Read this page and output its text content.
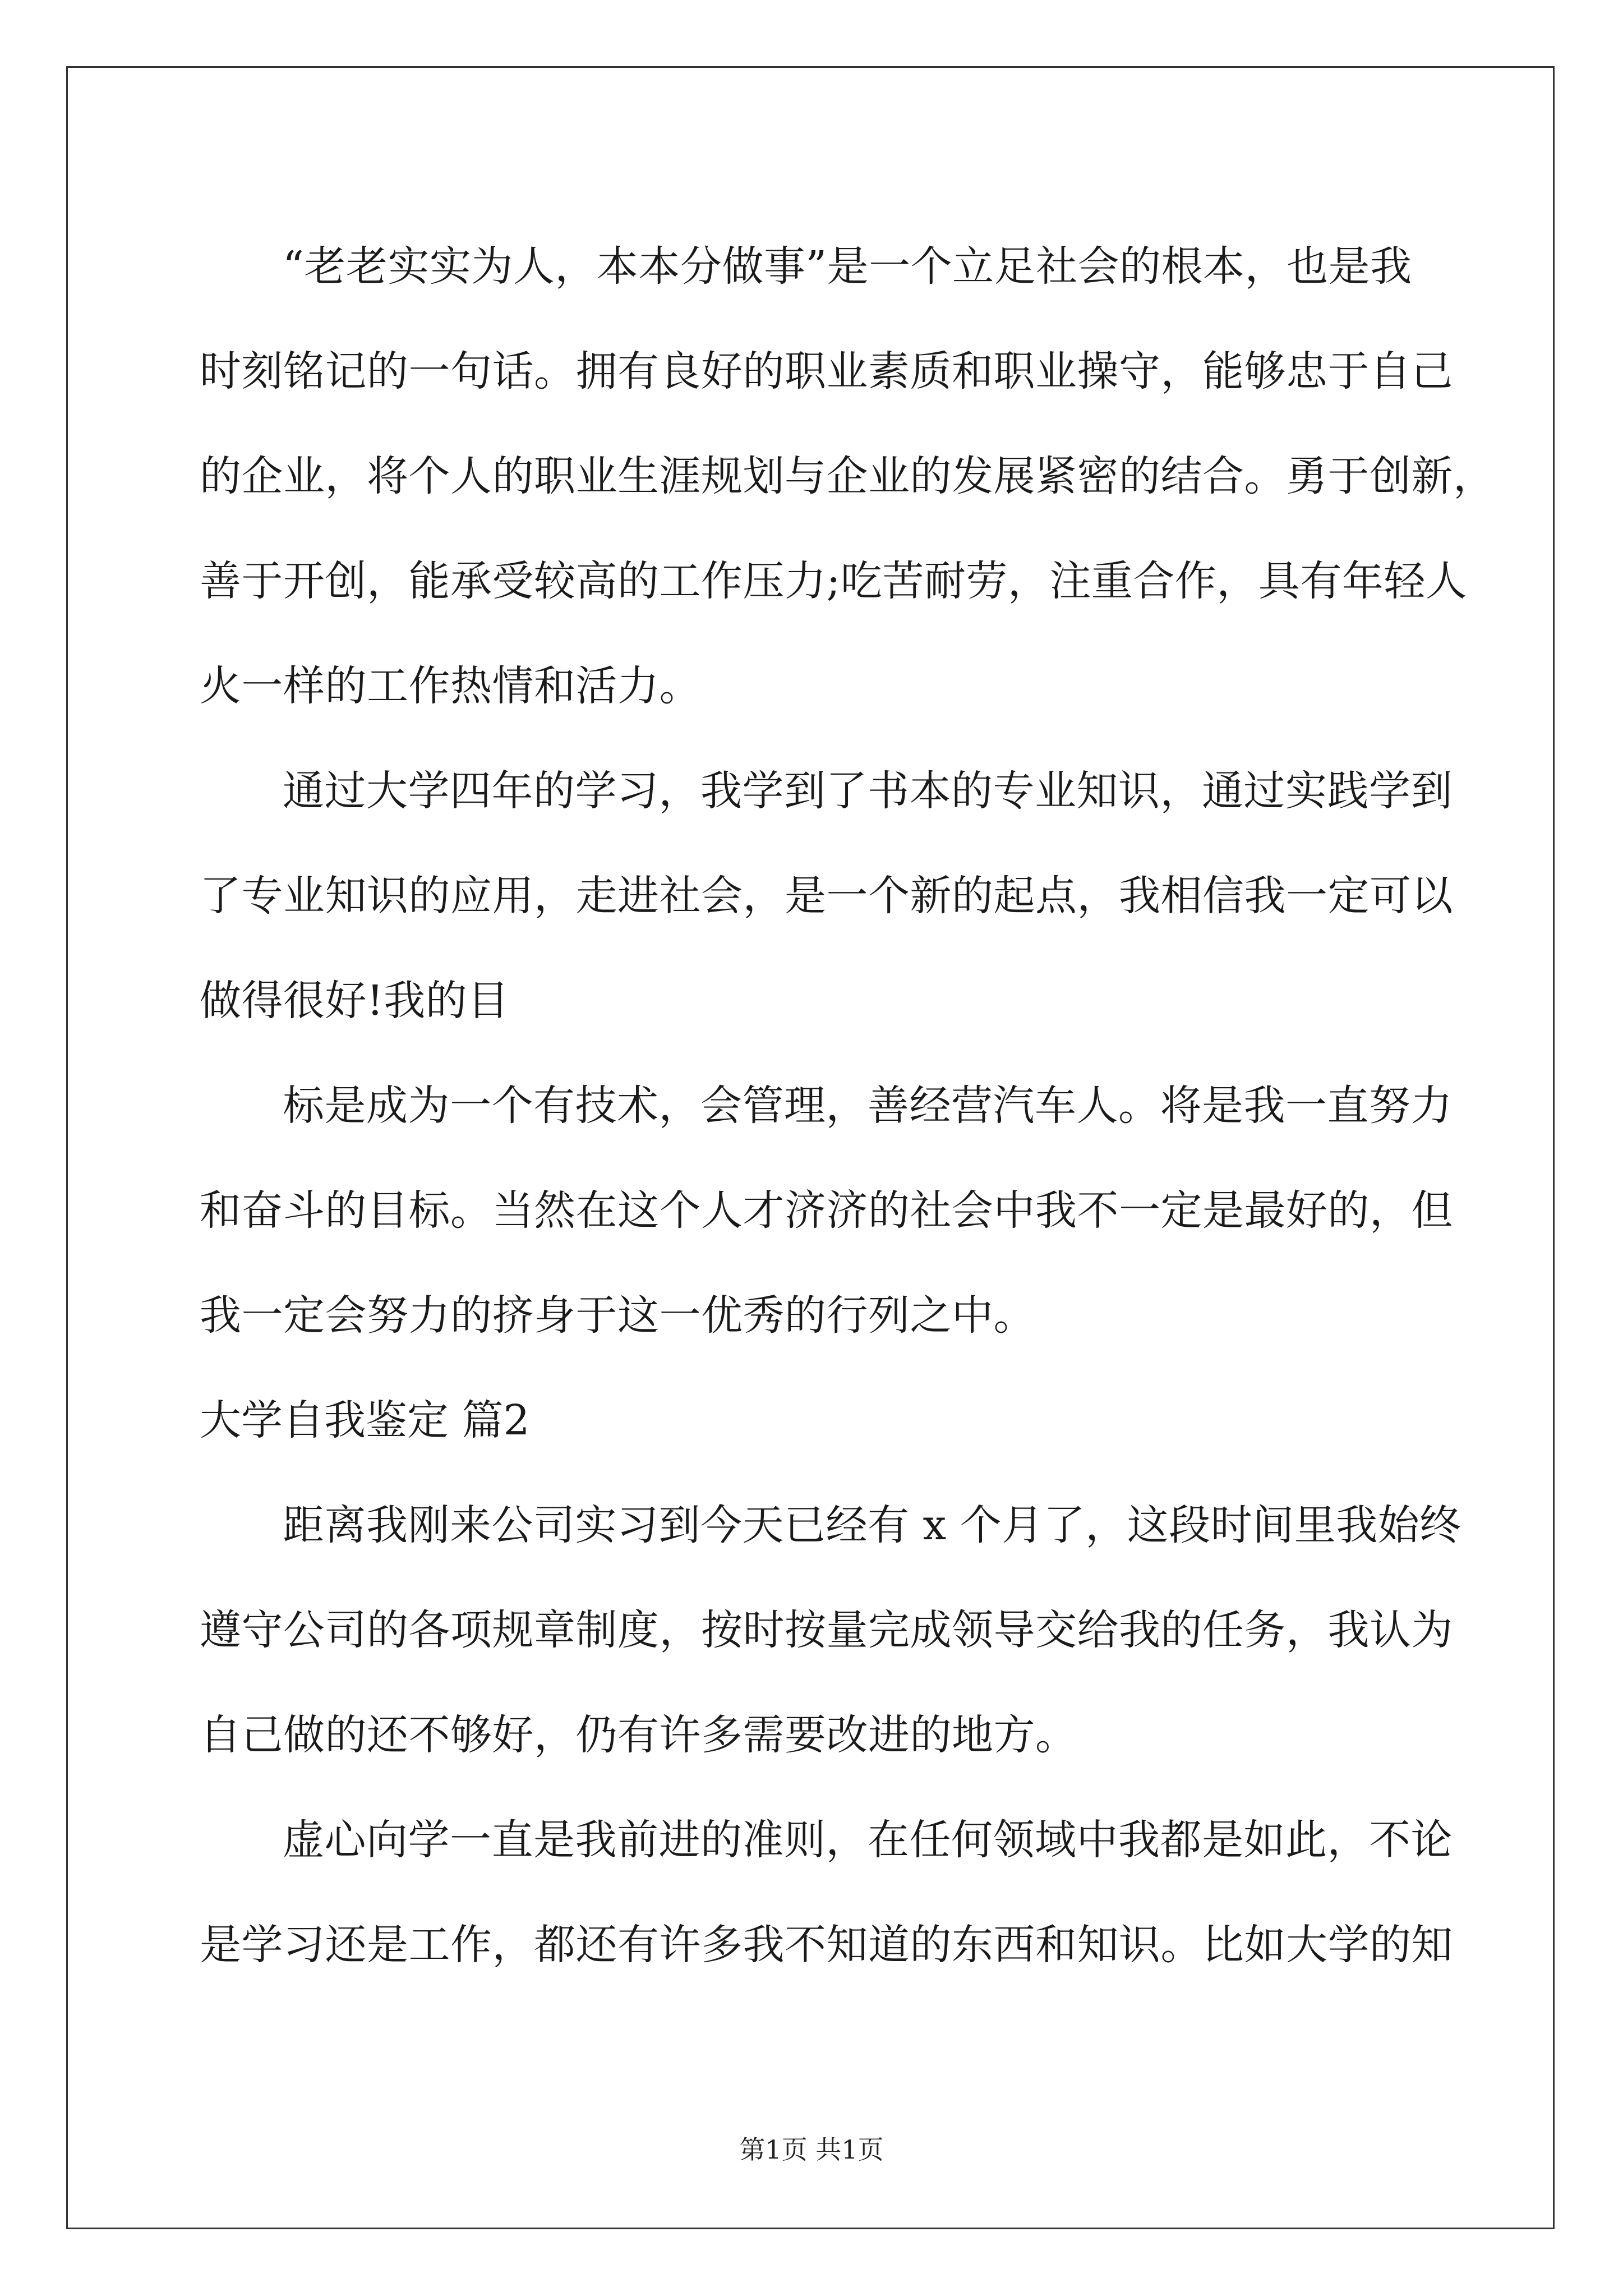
“老老实实为人，本本分做事”是一个立足社会的根本，也是我
时刻铭记的一句话。拥有良好的职业素质和职业操守，能够忠于自己
的企业，将个人的职业生涯规划与企业的发展紧密的结合。勇于创新，
善于开创，能承受较高的工作压力;吃苦耐劳，注重合作，具有年轻人
火一样的工作热情和活力。
通过大学四年的学习，我学到了书本的专业知识，通过实践学到
了专业知识的应用，走进社会，是一个新的起点，我相信我一定可以
做得很好!我的目
标是成为一个有技术，会管理，善经营汽车人。将是我一直努力
和奋斗的目标。当然在这个人才济济的社会中我不一定是最好的，但
我一定会努力的挤身于这一优秀的行列之中。
大学自我鉴定 篇2
距离我刚来公司实习到今天已经有 x 个月了，这段时间里我始终
遵守公司的各项规章制度，按时按量完成领导交给我的任务，我认为
自己做的还不够好，仍有许多需要改进的地方。
虚心向学一直是我前进的准则，在任何领域中我都是如此，不论
是学习还是工作，都还有许多我不知道的东西和知识。比如大学的知
第1页 共1页
